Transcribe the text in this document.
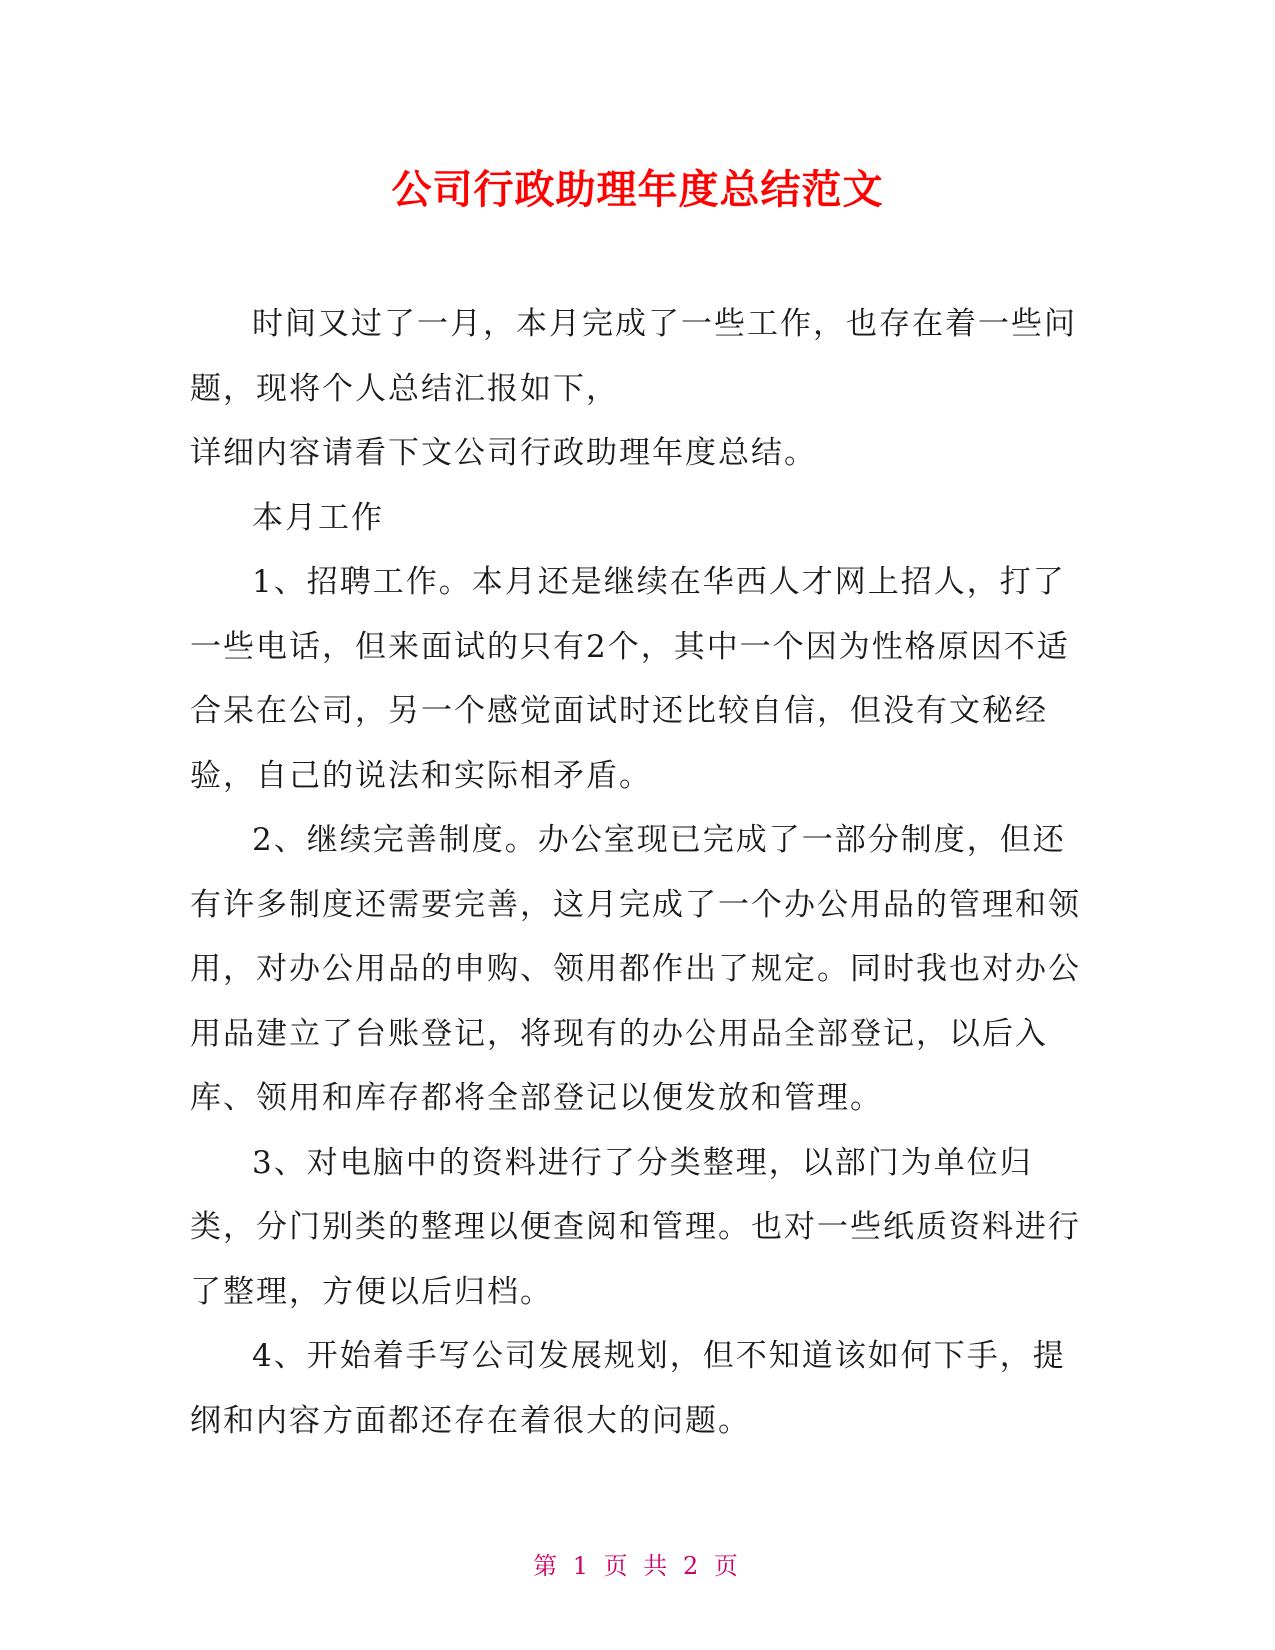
公司行政助理年度总结范文

时间又过了一月，本月完成了一些工作，也存在着一些问题，现将个人总结汇报如下，

详细内容请看下文公司行政助理年度总结。

本月工作

1、招聘工作。本月还是继续在华西人才网上招人，打了一些电话，但来面试的只有2个，其中一个因为性格原因不适合呆在公司，另一个感觉面试时还比较自信，但没有文秘经验，自己的说法和实际相矛盾。

2、继续完善制度。办公室现已完成了一部分制度，但还有许多制度还需要完善，这月完成了一个办公用品的管理和领用，对办公用品的申购、领用都作出了规定。同时我也对办公用品建立了台账登记，将现有的办公用品全部登记，以后入库、领用和库存都将全部登记以便发放和管理。

3、对电脑中的资料进行了分类整理，以部门为单位归类，分门别类的整理以便查阅和管理。也对一些纸质资料进行了整理，方便以后归档。

4、开始着手写公司发展规划，但不知道该如何下手，提纲和内容方面都还存在着很大的问题。

第 1 页 共 2 页
